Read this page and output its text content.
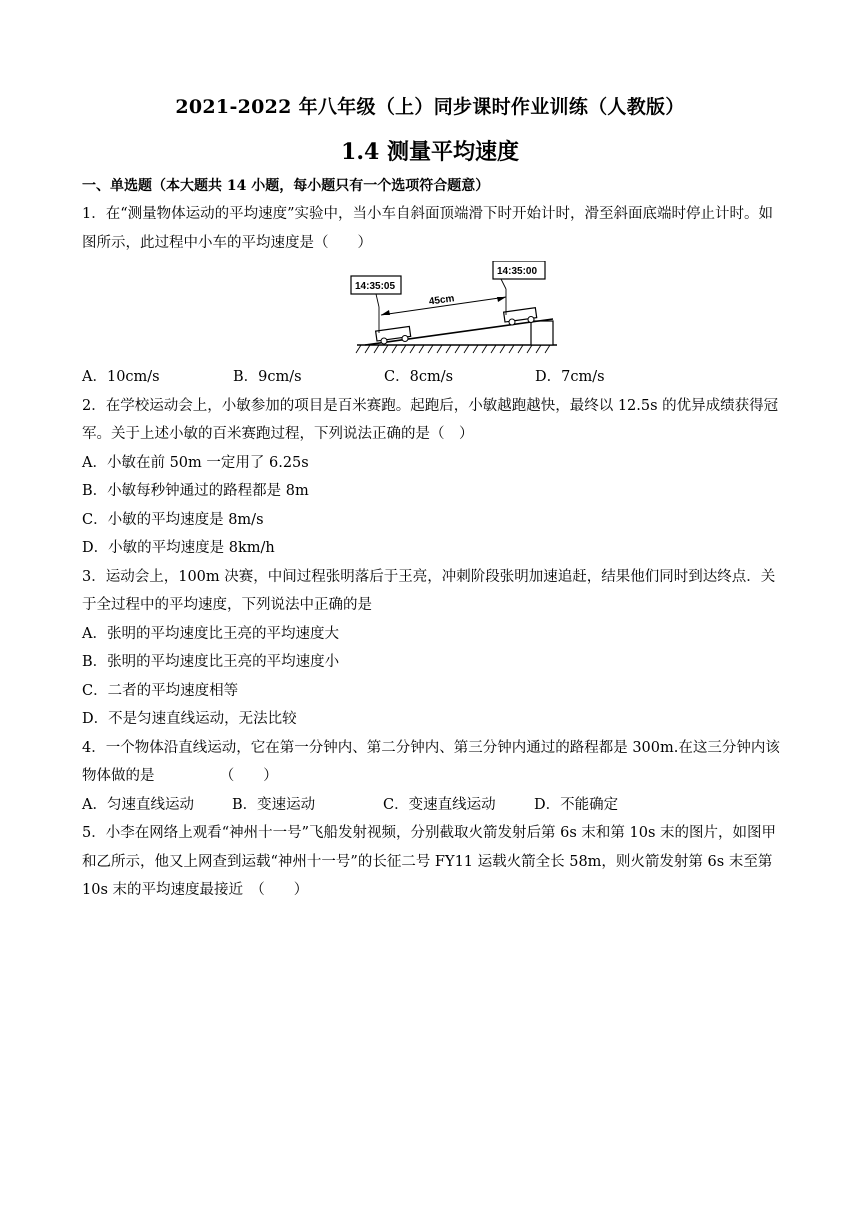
2021-2022 年八年级（上）同步课时作业训练（人教版）
1.4 测量平均速度
一、单选题（本大题共 14 小题，每小题只有一个选项符合题意）
1．在“测量物体运动的平均速度”实验中，当小车自斜面顶端滑下时开始计时，滑至斜面底端时停止计时。如图所示，此过程中小车的平均速度是（　　）
45cm
14:35:05
14:35:00
A．10cm/s	B．9cm/s	C．8cm/s	D．7cm/s
2．在学校运动会上，小敏参加的项目是百米赛跑。起跑后，小敏越跑越快，最终以 12.5s 的优异成绩获得冠军。关于上述小敏的百米赛跑过程，下列说法正确的是（　）
A．小敏在前 50m 一定用了 6.25s
B．小敏每秒钟通过的路程都是 8m
C．小敏的平均速度是 8m/s
D．小敏的平均速度是 8km/h
3．运动会上，100m 决赛，中间过程张明落后于王亮，冲刺阶段张明加速追赶，结果他们同时到达终点．关于全过程中的平均速度，下列说法中正确的是
A．张明的平均速度比王亮的平均速度大
B．张明的平均速度比王亮的平均速度小
C．二者的平均速度相等
D．不是匀速直线运动，无法比较
4．一个物体沿直线运动，它在第一分钟内、第二分钟内、第三分钟内通过的路程都是 300m.在这三分钟内该物体做的是　　　　　（　　）
A．匀速直线运动	B．变速运动	C．变速直线运动	D．不能确定
5．小李在网络上观看“神州十一号”飞船发射视频，分别截取火箭发射后第 6s 末和第 10s 末的图片，如图甲和乙所示，他又上网查到运载“神州十一号”的长征二号 FY11 运载火箭全长 58m，则火箭发射第 6s 末至第 10s 末的平均速度最接近　（　　）
